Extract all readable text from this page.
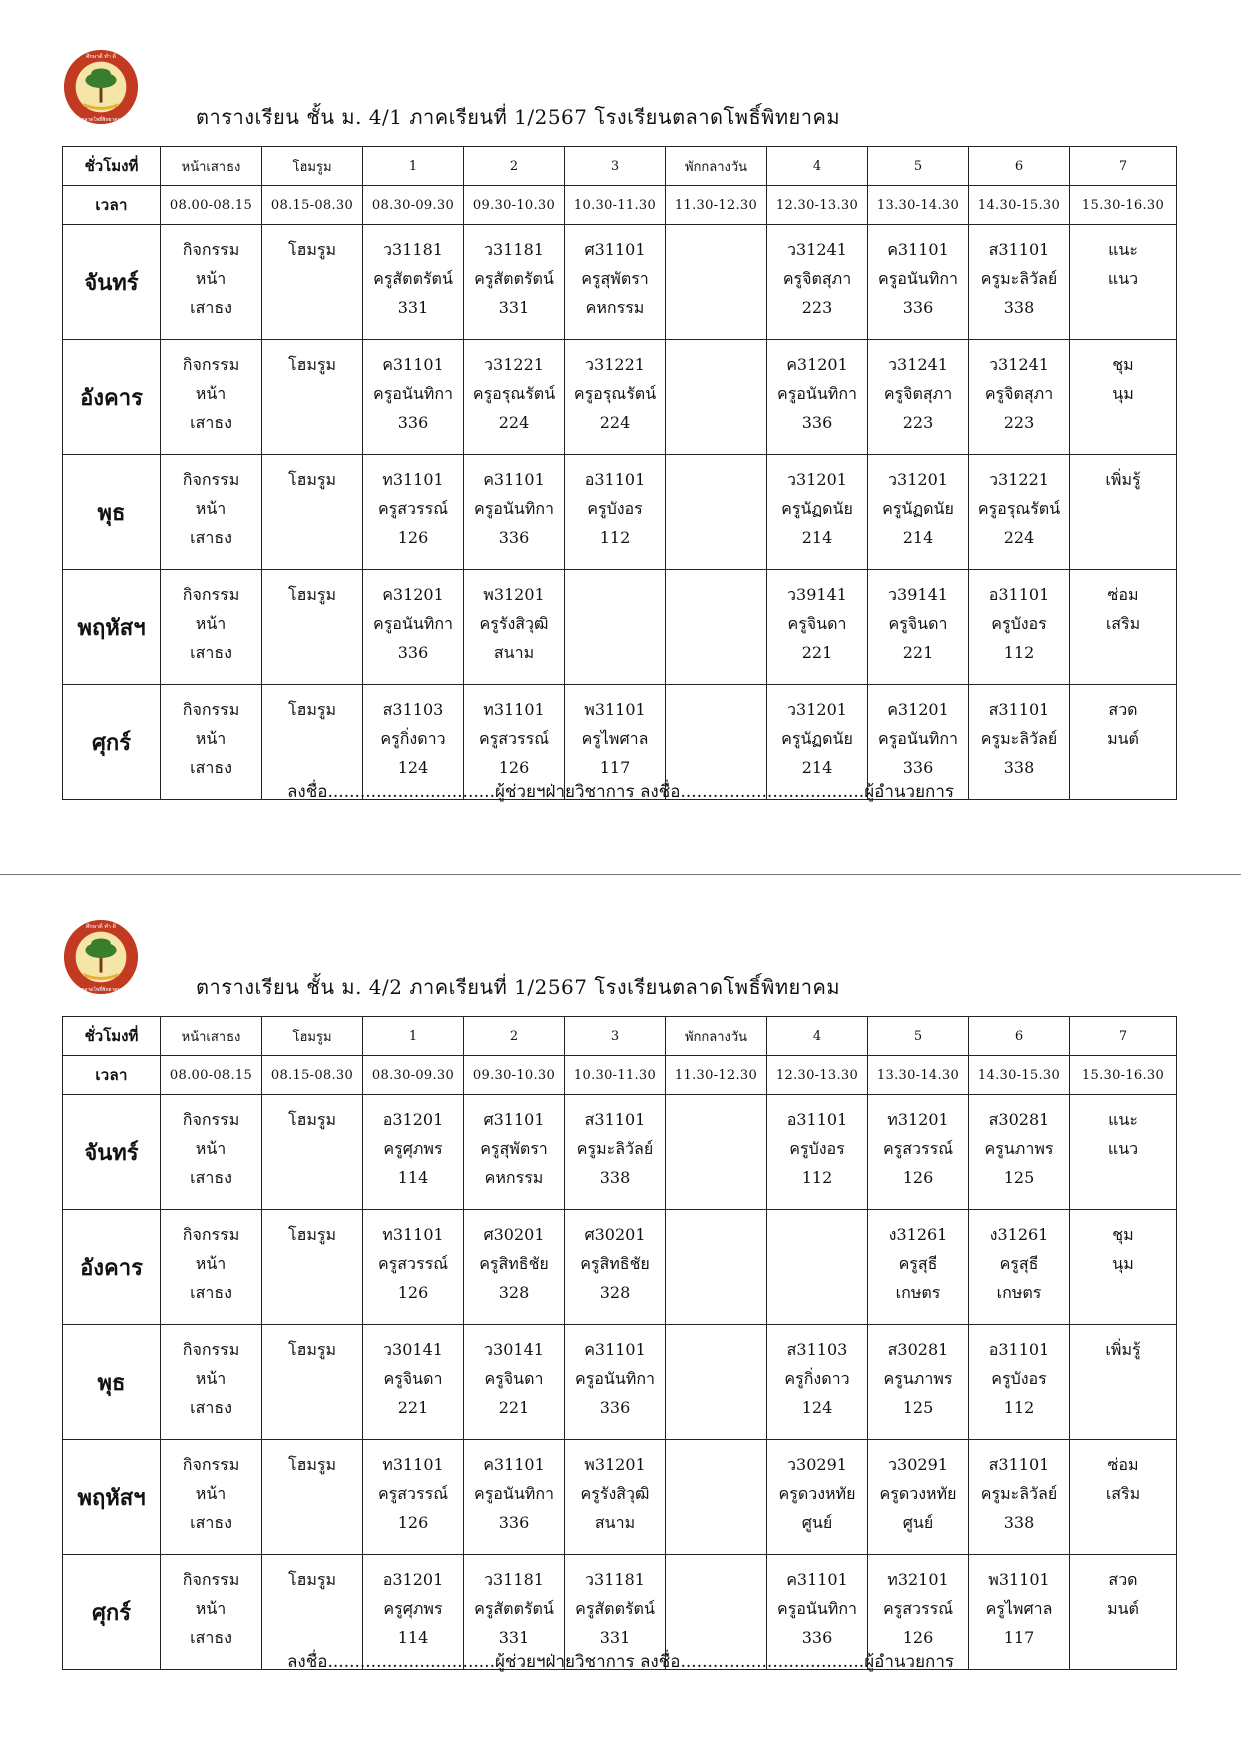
ศึกษาดี ทำ ดี
ตลาดโพธิ์พิทยาคม	ตารางเรียน ชั้น ม. 4/1 ภาคเรียนที่ 1/2567 โรงเรียนตลาดโพธิ์พิทยาคม
ชั่วโมงที่	หน้าเสาธง	โฮมรูม	1	2	3	พักกลางวัน	4	5	6	7
เวลา	08.00-08.15	08.15-08.30	08.30-09.30	09.30-10.30	10.30-11.30	11.30-12.30	12.30-13.30	13.30-14.30	14.30-15.30	15.30-16.30
จันทร์	กิจกรรม
หน้า
เสาธง	โฮมรูม	ว31181
ครูสัตตรัตน์
331	ว31181
ครูสัตตรัตน์
331	ศ31101
ครูสุพัตรา
คหกรรม		ว31241
ครูจิตสุภา
223	ค31101
ครูอนันทิกา
336	ส31101
ครูมะลิวัลย์
338	แนะ
แนว

อังคาร	กิจกรรม
หน้า
เสาธง	โฮมรูม	ค31101
ครูอนันทิกา
336	ว31221
ครูอรุณรัตน์
224	ว31221
ครูอรุณรัตน์
224		ค31201
ครูอนันทิกา
336	ว31241
ครูจิตสุภา
223	ว31241
ครูจิตสุภา
223	ชุม
นุม

พุธ	กิจกรรม
หน้า
เสาธง	โฮมรูม	ท31101
ครูสวรรณ์
126	ค31101
ครูอนันทิกา
336	อ31101
ครูบังอร
112		ว31201
ครูนัฏดนัย
214	ว31201
ครูนัฏดนัย
214	ว31221
ครูอรุณรัตน์
224	เพิ่มรู้

พฤหัสฯ	กิจกรรม
หน้า
เสาธง	โฮมรูม	ค31201
ครูอนันทิกา
336	พ31201
ครูรังสิวุฒิ
สนาม			ว39141
ครูจินดา
221	ว39141
ครูจินดา
221	อ31101
ครูบังอร
112	ซ่อม
เสริม

ศุกร์	กิจกรรม
หน้า
เสาธง	โฮมรูม	ส31103
ครูกิ่งดาว
124	ท31101
ครูสวรรณ์
126	พ31101
ครูไพศาล
117		ว31201
ครูนัฏดนัย
214	ค31201
ครูอนันทิกา
336	ส31101
ครูมะลิวัลย์
338	สวด
มนต์
ลงชื่อ...............................ผู้ช่วยฯฝ่ายวิชาการ ลงชื่อ..................................ผู้อำนวยการ
ศึกษาดี ทำ ดี
ตลาดโพธิ์พิทยาคม	ตารางเรียน ชั้น ม. 4/2 ภาคเรียนที่ 1/2567 โรงเรียนตลาดโพธิ์พิทยาคม
ชั่วโมงที่	หน้าเสาธง	โฮมรูม	1	2	3	พักกลางวัน	4	5	6	7
เวลา	08.00-08.15	08.15-08.30	08.30-09.30	09.30-10.30	10.30-11.30	11.30-12.30	12.30-13.30	13.30-14.30	14.30-15.30	15.30-16.30
จันทร์	กิจกรรม
หน้า
เสาธง	โฮมรูม	อ31201
ครูศุภพร
114	ศ31101
ครูสุพัตรา
คหกรรม	ส31101
ครูมะลิวัลย์
338		อ31101
ครูบังอร
112	ท31201
ครูสวรรณ์
126	ส30281
ครูนภาพร
125	แนะ
แนว

อังคาร	กิจกรรม
หน้า
เสาธง	โฮมรูม	ท31101
ครูสวรรณ์
126	ศ30201
ครูสิทธิชัย
328	ศ30201
ครูสิทธิชัย
328			ง31261
ครูสุธี
เกษตร	ง31261
ครูสุธี
เกษตร	ชุม
นุม

พุธ	กิจกรรม
หน้า
เสาธง	โฮมรูม	ว30141
ครูจินดา
221	ว30141
ครูจินดา
221	ค31101
ครูอนันทิกา
336		ส31103
ครูกิ่งดาว
124	ส30281
ครูนภาพร
125	อ31101
ครูบังอร
112	เพิ่มรู้

พฤหัสฯ	กิจกรรม
หน้า
เสาธง	โฮมรูม	ท31101
ครูสวรรณ์
126	ค31101
ครูอนันทิกา
336	พ31201
ครูรังสิวุฒิ
สนาม		ว30291
ครูดวงหทัย
ศูนย์	ว30291
ครูดวงหทัย
ศูนย์	ส31101
ครูมะลิวัลย์
338	ซ่อม
เสริม

ศุกร์	กิจกรรม
หน้า
เสาธง	โฮมรูม	อ31201
ครูศุภพร
114	ว31181
ครูสัตตรัตน์
331	ว31181
ครูสัตตรัตน์
331		ค31101
ครูอนันทิกา
336	ท32101
ครูสวรรณ์
126	พ31101
ครูไพศาล
117	สวด
มนต์
ลงชื่อ...............................ผู้ช่วยฯฝ่ายวิชาการ ลงชื่อ..................................ผู้อำนวยการ
